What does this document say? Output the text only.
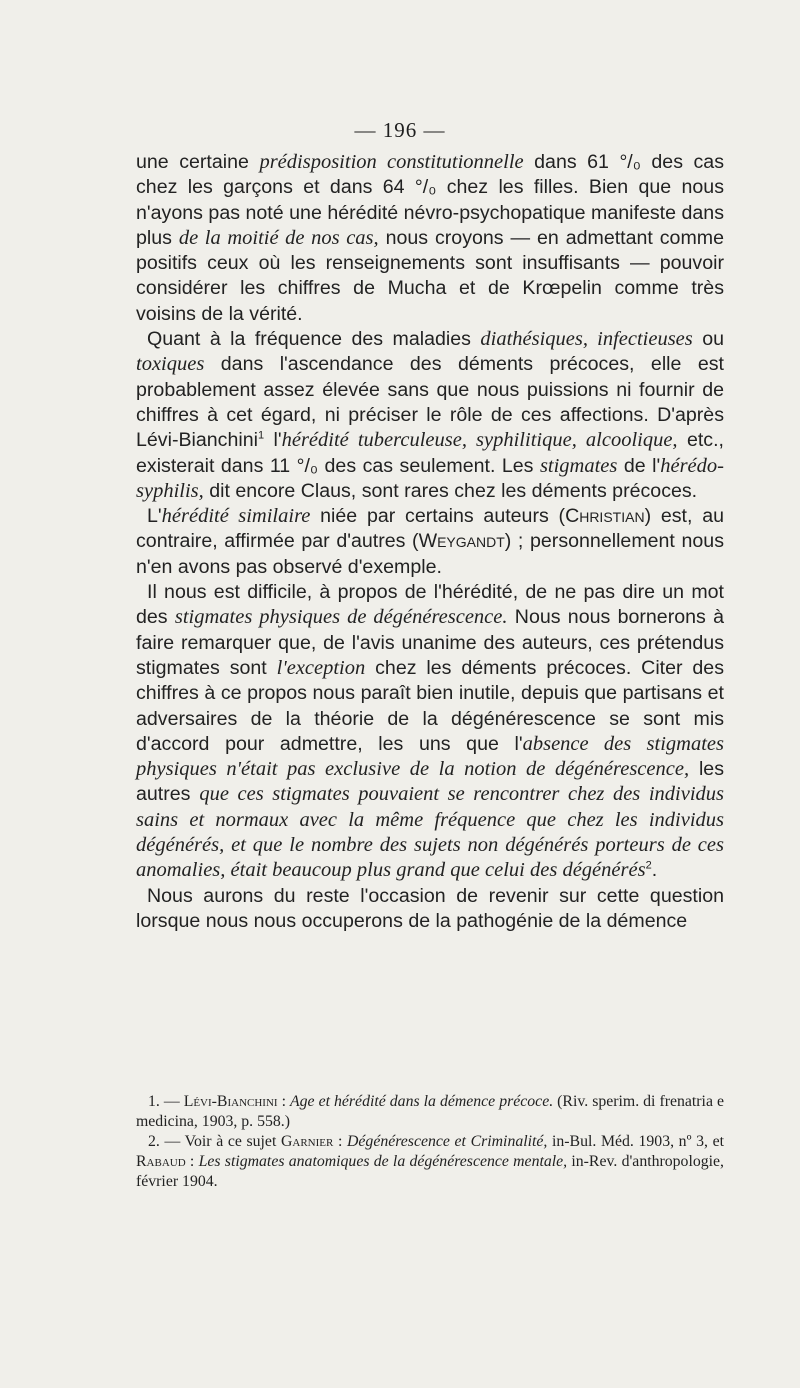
— 196 —

une certaine prédisposition constitutionnelle dans 61 °/₀ des cas chez les garçons et dans 64 °/₀ chez les filles. Bien que nous n'ayons pas noté une hérédité névro-psychopatique manifeste dans plus de la moitié de nos cas, nous croyons — en admettant comme positifs ceux où les renseignements sont insuffisants — pouvoir considérer les chiffres de Mucha et de Krœpelin comme très voisins de la vérité.

Quant à la fréquence des maladies diathésiques, infectieuses ou toxiques dans l'ascendance des déments précoces, elle est probablement assez élevée sans que nous puissions ni fournir de chiffres à cet égard, ni préciser le rôle de ces affections. D'après Lévi-Bianchini$^1$ l'hérédité tuberculeuse, syphilitique, alcoolique, etc., existerait dans 11 °/₀ des cas seulement. Les stigmates de l'hérédo-syphilis, dit encore Claus, sont rares chez les déments précoces.

L'hérédité similaire niée par certains auteurs (Christian) est, au contraire, affirmée par d'autres (Weygandt) ; personnellement nous n'en avons pas observé d'exemple.

Il nous est difficile, à propos de l'hérédité, de ne pas dire un mot des stigmates physiques de dégénérescence. Nous nous bornerons à faire remarquer que, de l'avis unanime des auteurs, ces prétendus stigmates sont l'exception chez les déments précoces. Citer des chiffres à ce propos nous paraît bien inutile, depuis que partisans et adversaires de la théorie de la dégénérescence se sont mis d'accord pour admettre, les uns que l'absence des stigmates physiques n'était pas exclusive de la notion de dégénérescence, les autres que ces stigmates pouvaient se rencontrer chez des individus sains et normaux avec la même fréquence que chez les individus dégénérés, et que le nombre des sujets non dégénérés porteurs de ces anomalies, était beaucoup plus grand que celui des dégénérés$^2$.

Nous aurons du reste l'occasion de revenir sur cette question lorsque nous nous occuperons de la pathogénie de la démence

1. — Lévi-Bianchini : Age et hérédité dans la démence précoce. (Riv. sperim. di frenatria e medicina, 1903, p. 558.)

2. — Voir à ce sujet Garnier : Dégénérescence et Criminalité, in-Bul. Méd. 1903, nº 3, et Rabaud : Les stigmates anatomiques de la dégénérescence mentale, in-Rev. d'anthropologie, février 1904.
